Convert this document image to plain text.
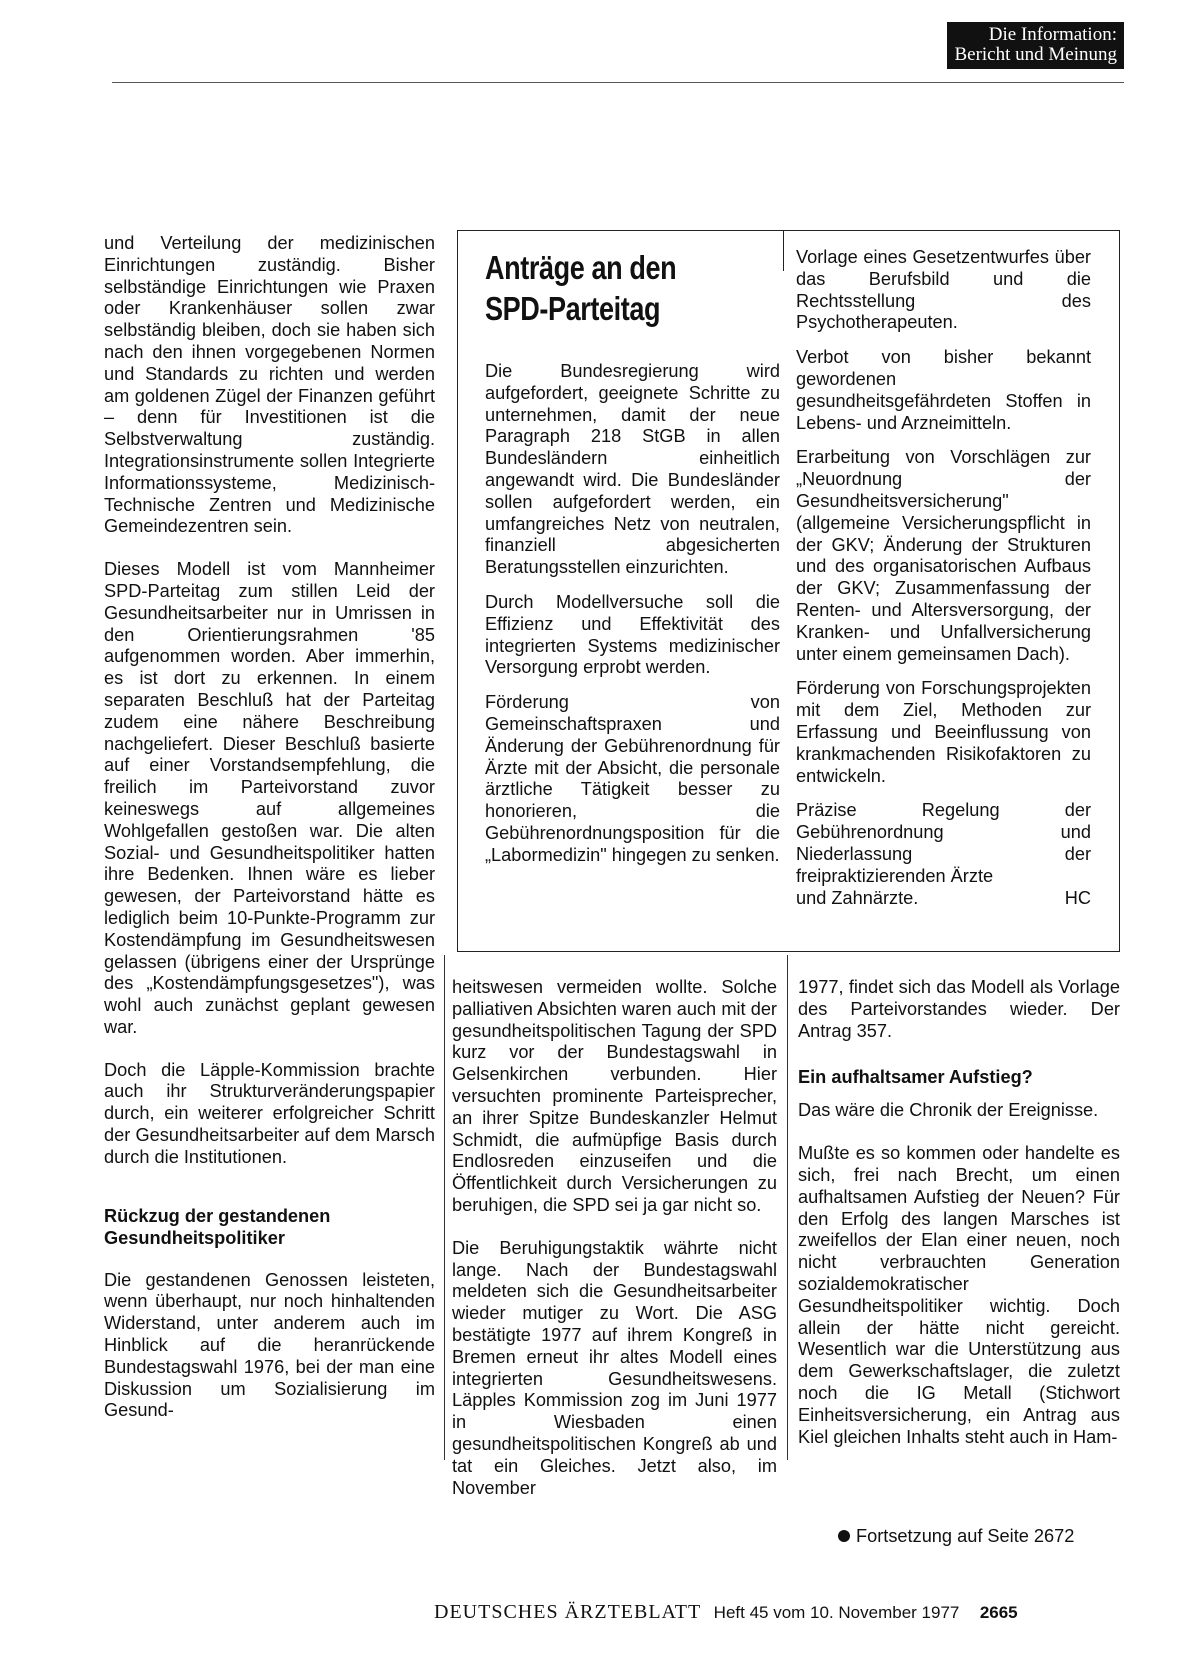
Die Information:
Bericht und Meinung

und Verteilung der medizinischen Einrichtungen zuständig. Bisher selbständige Einrichtungen wie Praxen oder Krankenhäuser sollen zwar selbständig bleiben, doch sie haben sich nach den ihnen vorgegebenen Normen und Standards zu richten und werden am goldenen Zügel der Finanzen geführt – denn für Investitionen ist die Selbstverwaltung zuständig. Integrationsinstrumente sollen Integrierte Informationssysteme, Medizinisch-Technische Zentren und Medizinische Gemeindezentren sein.

Dieses Modell ist vom Mannheimer SPD-Parteitag zum stillen Leid der Gesundheitsarbeiter nur in Umrissen in den Orientierungsrahmen '85 aufgenommen worden. Aber immerhin, es ist dort zu erkennen. In einem separaten Beschluß hat der Parteitag zudem eine nähere Beschreibung nachgeliefert. Dieser Beschluß basierte auf einer Vorstandsempfehlung, die freilich im Parteivorstand zuvor keineswegs auf allgemeines Wohlgefallen gestoßen war. Die alten Sozial- und Gesundheitspolitiker hatten ihre Bedenken. Ihnen wäre es lieber gewesen, der Parteivorstand hätte es lediglich beim 10-Punkte-Programm zur Kostendämpfung im Gesundheitswesen gelassen (übrigens einer der Ursprünge des „Kostendämpfungsgesetzes"), was wohl auch zunächst geplant gewesen war.

Doch die Läpple-Kommission brachte auch ihr Strukturveränderungspapier durch, ein weiterer erfolgreicher Schritt der Gesundheitsarbeiter auf dem Marsch durch die Institutionen.

Rückzug der gestandenen Gesundheitspolitiker

Die gestandenen Genossen leisteten, wenn überhaupt, nur noch hinhaltenden Widerstand, unter anderem auch im Hinblick auf die heranrückende Bundestagswahl 1976, bei der man eine Diskussion um Sozialisierung im Gesund-

Anträge an den SPD-Parteitag

Die Bundesregierung wird aufgefordert, geeignete Schritte zu unternehmen, damit der neue Paragraph 218 StGB in allen Bundesländern einheitlich angewandt wird. Die Bundesländer sollen aufgefordert werden, ein umfangreiches Netz von neutralen, finanziell abgesicherten Beratungsstellen einzurichten.

Durch Modellversuche soll die Effizienz und Effektivität des integrierten Systems medizinischer Versorgung erprobt werden.

Förderung von Gemeinschaftspraxen und Änderung der Gebührenordnung für Ärzte mit der Absicht, die personale ärztliche Tätigkeit besser zu honorieren, die Gebührenordnungsposition für die „Labormedizin" hingegen zu senken.

Vorlage eines Gesetzentwurfes über das Berufsbild und die Rechtsstellung des Psychotherapeuten.

Verbot von bisher bekannt gewordenen gesundheitsgefährdeten Stoffen in Lebens- und Arzneimitteln.

Erarbeitung von Vorschlägen zur „Neuordnung der Gesundheitsversicherung" (allgemeine Versicherungspflicht in der GKV; Änderung der Strukturen und des organisatorischen Aufbaus der GKV; Zusammenfassung der Renten- und Altersversorgung, der Kranken- und Unfallversicherung unter einem gemeinsamen Dach).

Förderung von Forschungsprojekten mit dem Ziel, Methoden zur Erfassung und Beeinflussung von krankmachenden Risikofaktoren zu entwickeln.

Präzise Regelung der Gebührenordnung und Niederlassung der freipraktizierenden Ärzte

und Zahnärzte.	HC

heitswesen vermeiden wollte. Solche palliativen Absichten waren auch mit der gesundheitspolitischen Tagung der SPD kurz vor der Bundestagswahl in Gelsenkirchen verbunden. Hier versuchten prominente Parteisprecher, an ihrer Spitze Bundeskanzler Helmut Schmidt, die aufmüpfige Basis durch Endlosreden einzuseifen und die Öffentlichkeit durch Versicherungen zu beruhigen, die SPD sei ja gar nicht so.

Die Beruhigungstaktik währte nicht lange. Nach der Bundestagswahl meldeten sich die Gesundheitsarbeiter wieder mutiger zu Wort. Die ASG bestätigte 1977 auf ihrem Kongreß in Bremen erneut ihr altes Modell eines integrierten Gesundheitswesens. Läpples Kommission zog im Juni 1977 in Wiesbaden einen gesundheitspolitischen Kongreß ab und tat ein Gleiches. Jetzt also, im November

1977, findet sich das Modell als Vorlage des Parteivorstandes wieder. Der Antrag 357.

Ein aufhaltsamer Aufstieg?

Das wäre die Chronik der Ereignisse.

Mußte es so kommen oder handelte es sich, frei nach Brecht, um einen aufhaltsamen Aufstieg der Neuen? Für den Erfolg des langen Marsches ist zweifellos der Elan einer neuen, noch nicht verbrauchten Generation sozialdemokratischer Gesundheitspolitiker wichtig. Doch allein der hätte nicht gereicht. Wesentlich war die Unterstützung aus dem Gewerkschaftslager, die zuletzt noch die IG Metall (Stichwort Einheitsversicherung, ein Antrag aus Kiel gleichen Inhalts steht auch in Ham-

Fortsetzung auf Seite 2672
DEUTSCHES ÄRZTEBLATT Heft 45 vom 10. November 1977 2665
